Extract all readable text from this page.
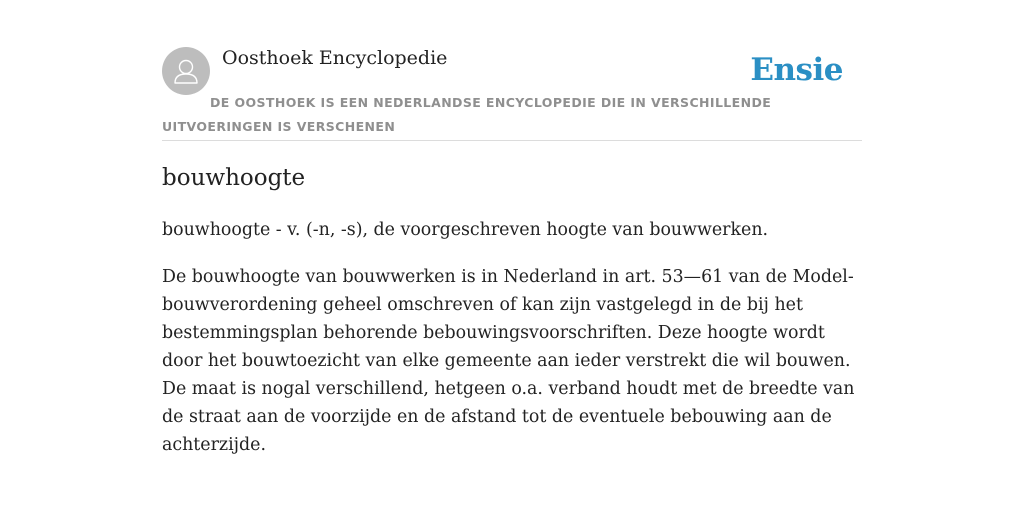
Oosthoek Encyclopedie	Ensie
DE OOSTHOEK IS EEN NEDERLANDSE ENCYCLOPEDIE DIE IN VERSCHILLENDE UITVOERINGEN IS VERSCHENEN
bouwhoogte

bouwhoogte - v. (-n, -s), de voorgeschreven hoogte van bouwwerken.

De bouwhoogte van bouwwerken is in Nederland in art. 53—61 van de Model-bouwverordening geheel omschreven of kan zijn vastgelegd in de bij het bestemmingsplan behorende bebouwingsvoorschriften. Deze hoogte wordt door het bouwtoezicht van elke gemeente aan ieder verstrekt die wil bouwen. De maat is nogal verschillend, hetgeen o.a. verband houdt met de breedte van de straat aan de voorzijde en de afstand tot de eventuele bebouwing aan de achterzijde.
